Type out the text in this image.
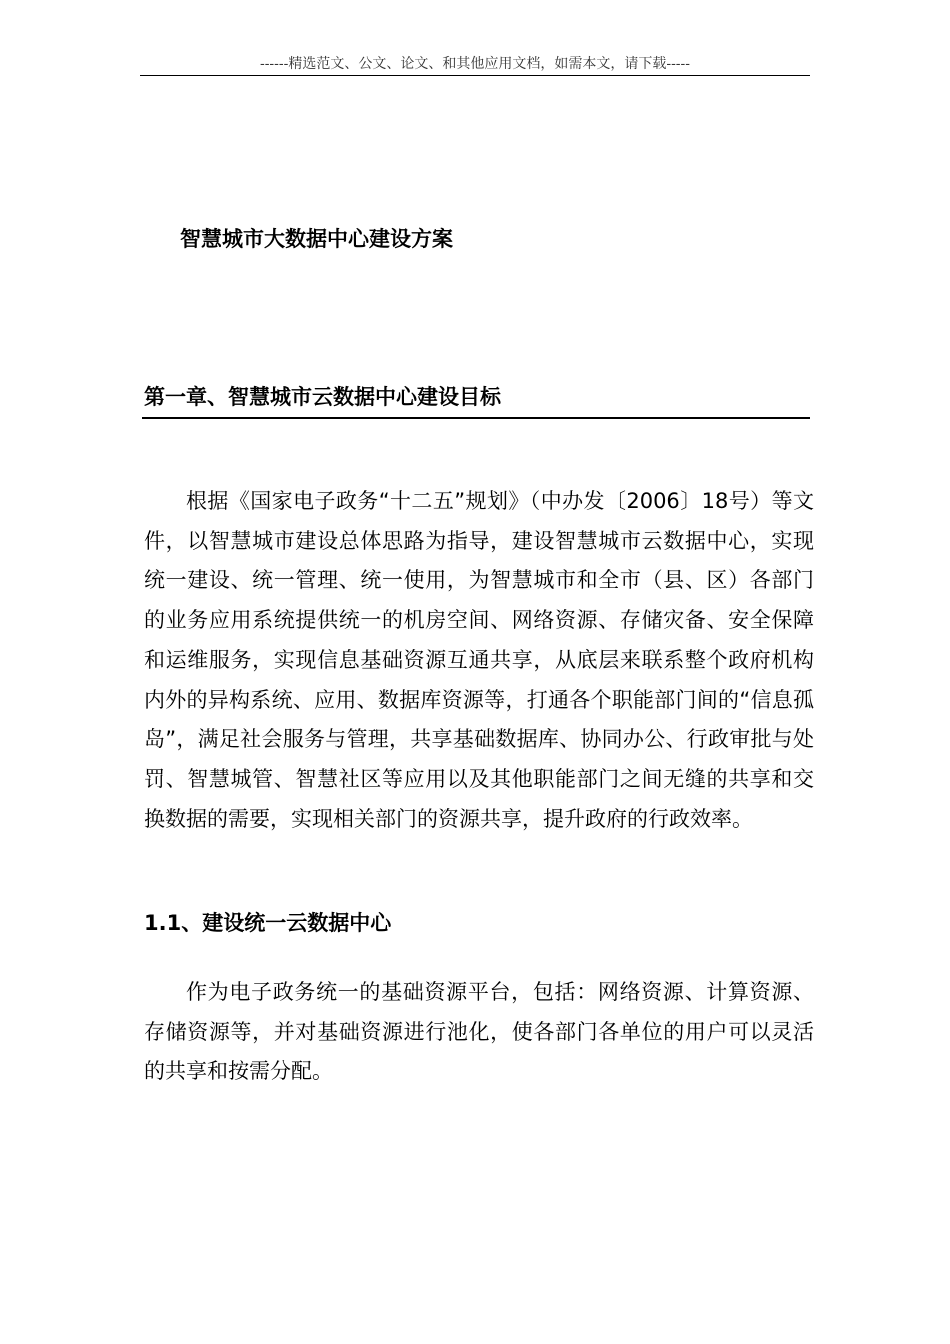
------精选范文、公文、论文、和其他应用文档，如需本文，请下载-----
智慧城市大数据中心建设方案
第一章、智慧城市云数据中心建设目标

根据《国家电子政务“十二五”规划》（中办发〔2006〕18号）等文件，以智慧城市建设总体思路为指导，建设智慧城市云数据中心，实现统一建设、统一管理、统一使用，为智慧城市和全市（县、区）各部门的业务应用系统提供统一的机房空间、网络资源、存储灾备、安全保障和运维服务，实现信息基础资源互通共享，从底层来联系整个政府机构内外的异构系统、应用、数据库资源等，打通各个职能部门间的“信息孤岛”，满足社会服务与管理，共享基础数据库、协同办公、行政审批与处罚、智慧城管、智慧社区等应用以及其他职能部门之间无缝的共享和交换数据的需要，实现相关部门的资源共享，提升政府的行政效率。

1.1、建设统一云数据中心

作为电子政务统一的基础资源平台，包括：网络资源、计算资源、存储资源等，并对基础资源进行池化，使各部门各单位的用户可以灵活的共享和按需分配。
